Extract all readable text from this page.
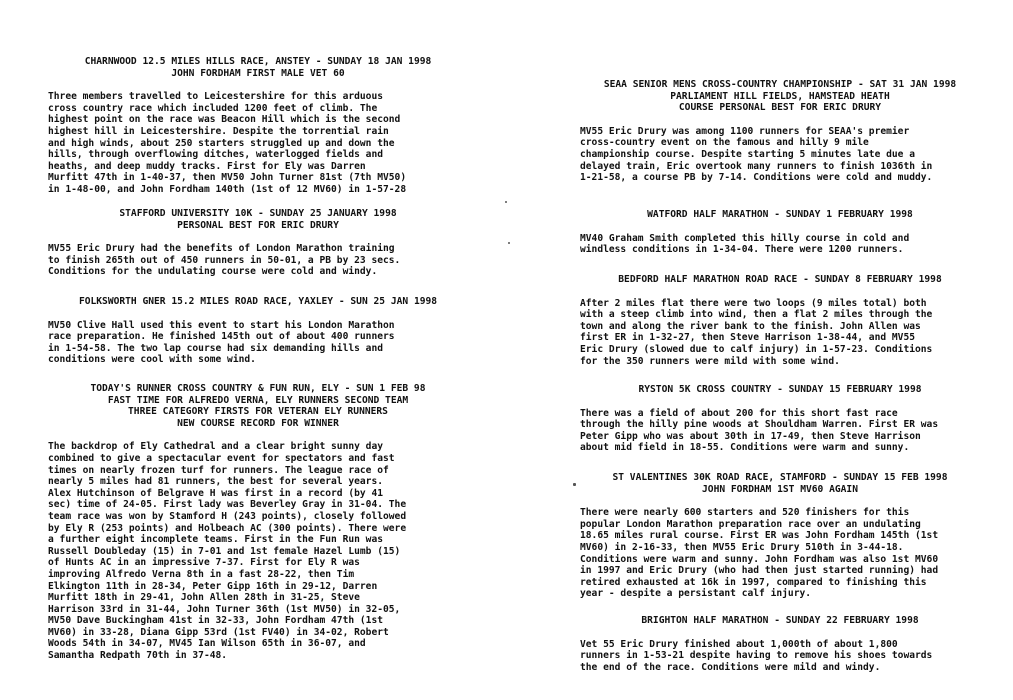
CHARNWOOD 12.5 MILES HILLS RACE, ANSTEY - SUNDAY 18 JAN 1998
JOHN FORDHAM FIRST MALE VET 60
Three members travelled to Leicestershire for this arduous
cross country race which included 1200 feet of climb. The
highest point on the race was Beacon Hill which is the second
highest hill in Leicestershire. Despite the torrential rain
and high winds, about 250 starters struggled up and down the
hills, through overflowing ditches, waterlogged fields and
heaths, and deep muddy tracks. First for Ely was Darren
Murfitt 47th in 1-40-37, then MV50 John Turner 81st (7th MV50)
in 1-48-00, and John Fordham 140th (1st of 12 MV60) in 1-57-28
STAFFORD UNIVERSITY 10K - SUNDAY 25 JANUARY 1998
PERSONAL BEST FOR ERIC DRURY
MV55 Eric Drury had the benefits of London Marathon training
to finish 265th out of 450 runners in 50-01, a PB by 23 secs.
Conditions for the undulating course were cold and windy.
FOLKSWORTH GNER 15.2 MILES ROAD RACE, YAXLEY - SUN 25 JAN 1998
MV50 Clive Hall used this event to start his London Marathon
race preparation. He finished 145th out of about 400 runners
in 1-54-58. The two lap course had six demanding hills and
conditions were cool with some wind.
TODAY'S RUNNER CROSS COUNTRY & FUN RUN, ELY - SUN 1 FEB 98
FAST TIME FOR ALFREDO VERNA, ELY RUNNERS SECOND TEAM
THREE CATEGORY FIRSTS FOR VETERAN ELY RUNNERS
NEW COURSE RECORD FOR WINNER
The backdrop of Ely Cathedral and a clear bright sunny day
combined to give a spectacular event for spectators and fast
times on nearly frozen turf for runners. The league race of
nearly 5 miles had 81 runners, the best for several years.
Alex Hutchinson of Belgrave H was first in a record (by 41
sec) time of 24-05. First lady was Beverley Gray in 31-04. The
team race was won by Stamford H (243 points), closely followed
by Ely R (253 points) and Holbeach AC (300 points). There were
a further eight incomplete teams. First in the Fun Run was
Russell Doubleday (15) in 7-01 and 1st female Hazel Lumb (15)
of Hunts AC in an impressive 7-37. First for Ely R was
improving Alfredo Verna 8th in a fast 28-22, then Tim
Elkington 11th in 28-34, Peter Gipp 16th in 29-12, Darren
Murfitt 18th in 29-41, John Allen 28th in 31-25, Steve
Harrison 33rd in 31-44, John Turner 36th (1st MV50) in 32-05,
MV50 Dave Buckingham 41st in 32-33, John Fordham 47th (1st
MV60) in 33-28, Diana Gipp 53rd (1st FV40) in 34-02, Robert
Woods 54th in 34-07, MV45 Ian Wilson 65th in 36-07, and
Samantha Redpath 70th in 37-48.
SEAA SENIOR MENS CROSS-COUNTRY CHAMPIONSHIP - SAT 31 JAN 1998
PARLIAMENT HILL FIELDS, HAMSTEAD HEATH
COURSE PERSONAL BEST FOR ERIC DRURY
MV55 Eric Drury was among 1100 runners for SEAA's premier
cross-country event on the famous and hilly 9 mile
championship course. Despite starting 5 minutes late due a
delayed train, Eric overtook many runners to finish 1036th in
1-21-58, a course PB by 7-14. Conditions were cold and muddy.
WATFORD HALF MARATHON - SUNDAY 1 FEBRUARY 1998
MV40 Graham Smith completed this hilly course in cold and
windless conditions in 1-34-04. There were 1200 runners.
BEDFORD HALF MARATHON ROAD RACE - SUNDAY 8 FEBRUARY 1998
After 2 miles flat there were two loops (9 miles total) both
with a steep climb into wind, then a flat 2 miles through the
town and along the river bank to the finish. John Allen was
first ER in 1-32-27, then Steve Harrison 1-38-44, and MV55
Eric Drury (slowed due to calf injury) in 1-57-23. Conditions
for the 350 runners were mild with some wind.
RYSTON 5K CROSS COUNTRY - SUNDAY 15 FEBRUARY 1998
There was a field of about 200 for this short fast race
through the hilly pine woods at Shouldham Warren. First ER was
Peter Gipp who was about 30th in 17-49, then Steve Harrison
about mid field in 18-55. Conditions were warm and sunny.
ST VALENTINES 30K ROAD RACE, STAMFORD - SUNDAY 15 FEB 1998
JOHN FORDHAM 1ST MV60 AGAIN
There were nearly 600 starters and 520 finishers for this
popular London Marathon preparation race over an undulating
18.65 miles rural course. First ER was John Fordham 145th (1st
MV60) in 2-16-33, then MV55 Eric Drury 510th in 3-44-18.
Conditions were warm and sunny. John Fordham was also 1st MV60
in 1997 and Eric Drury (who had then just started running) had
retired exhausted at 16k in 1997, compared to finishing this
year - despite a persistant calf injury.
BRIGHTON HALF MARATHON - SUNDAY 22 FEBRUARY 1998
Vet 55 Eric Drury finished about 1,000th of about 1,800
runners in 1-53-21 despite having to remove his shoes towards
the end of the race. Conditions were mild and windy.
